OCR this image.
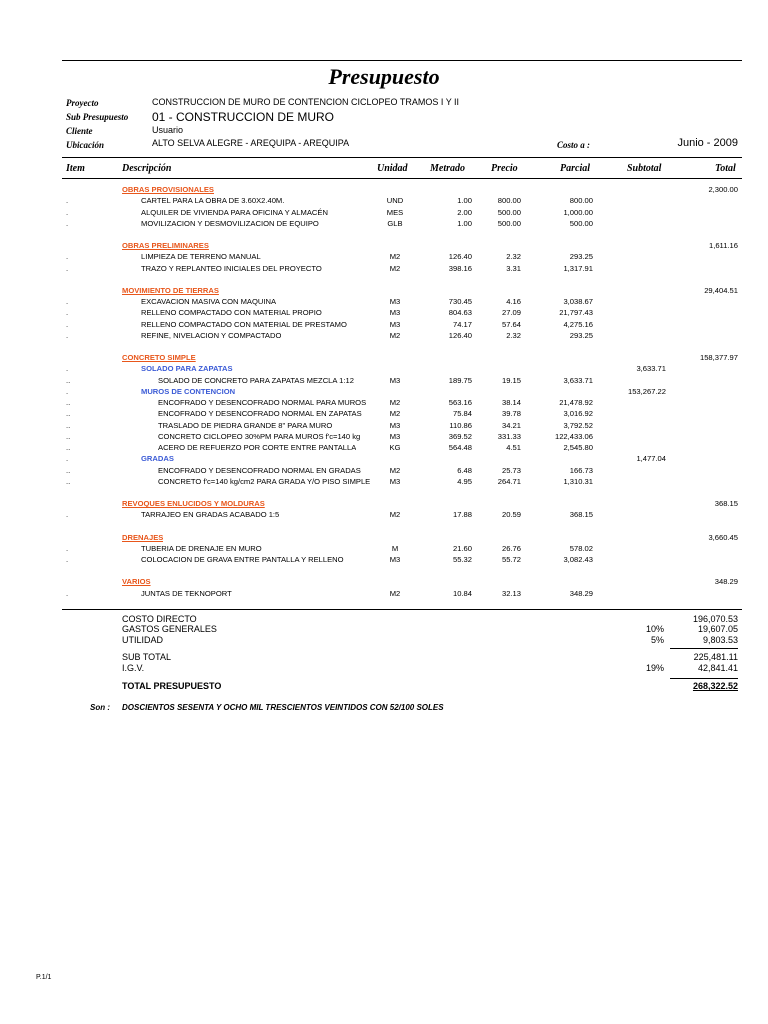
Presupuesto
Proyecto	CONSTRUCCION DE MURO DE CONTENCION CICLOPEO TRAMOS I Y II
Sub Presupuesto 01 - CONSTRUCCION DE MURO
Cliente	Usuario
Ubicación	ALTO SELVA ALEGRE - AREQUIPA - AREQUIPA	Costo a :	Junio - 2009
Item	Descripción	Unidad Metrado	Precio	Parcial	Subtotal	Total
OBRAS PROVISIONALES	2,300.00
.	CARTEL PARA LA OBRA DE 3.60X2.40M.	UND	1.00	800.00	800.00
.	ALQUILER DE VIVIENDA PARA OFICINA Y ALMACÉN	MES	2.00	500.00	1,000.00
.	MOVILIZACION Y DESMOVILIZACION DE EQUIPO	GLB	1.00	500.00	500.00
OBRAS PRELIMINARES	1,611.16
.	LIMPIEZA DE TERRENO MANUAL	M2	126.40	2.32	293.25
.	TRAZO Y REPLANTEO INICIALES DEL PROYECTO	M2	398.16	3.31	1,317.91
MOVIMIENTO DE TIERRAS	29,404.51
.	EXCAVACION MASIVA CON MAQUINA	M3	730.45	4.16	3,038.67
.	RELLENO COMPACTADO CON MATERIAL PROPIO	M3	804.63	27.09	21,797.43
.	RELLENO COMPACTADO CON MATERIAL DE PRESTAMO	M3	74.17	57.64	4,275.16
.	REFINE, NIVELACION Y COMPACTADO	M2	126.40	2.32	293.25
CONCRETO SIMPLE	158,377.97
.	SOLADO PARA ZAPATAS	3,633.71
..	SOLADO DE CONCRETO PARA ZAPATAS MEZCLA 1:12	M3	189.75	19.15	3,633.71
.	MUROS DE CONTENCION	153,267.22
..	ENCOFRADO Y DESENCOFRADO NORMAL PARA MUROS	M2	563.16	38.14	21,478.92
..	ENCOFRADO Y DESENCOFRADO NORMAL EN ZAPATAS	M2	75.84	39.78	3,016.92
..	TRASLADO DE PIEDRA GRANDE 8" PARA MURO	M3	110.86	34.21	3,792.52
..	CONCRETO CICLOPEO 30%PM PARA MUROS f'c=140 kg	M3	369.52	331.33	122,433.06
..	ACERO DE REFUERZO POR CORTE ENTRE PANTALLA	KG	564.48	4.51	2,545.80
.	GRADAS	1,477.04
..	ENCOFRADO Y DESENCOFRADO NORMAL EN GRADAS	M2	6.48	25.73	166.73
..	CONCRETO f'c=140 kg/cm2 PARA GRADA Y/O PISO SIMPLE	M3	4.95	264.71	1,310.31
REVOQUES ENLUCIDOS Y MOLDURAS	368.15
.	TARRAJEO EN GRADAS ACABADO 1:5	M2	17.88	20.59	368.15
DRENAJES	3,660.45
.	TUBERIA DE DRENAJE EN MURO	M	21.60	26.76	578.02
.	COLOCACION DE GRAVA ENTRE PANTALLA Y RELLENO	M3	55.32	55.72	3,082.43
VARIOS	348.29
.	JUNTAS DE TEKNOPORT	M2	10.84	32.13	348.29
COSTO DIRECTO	196,070.53
GASTOS GENERALES	10%	19,607.05
UTILIDAD	5%	9,803.53
SUB TOTAL	225,481.11
I.G.V.	19%	42,841.41
TOTAL PRESUPUESTO	268,322.52
Son : DOSCIENTOS SESENTA Y OCHO MIL TRESCIENTOS VEINTIDOS CON 52/100 SOLES
P.1/1
